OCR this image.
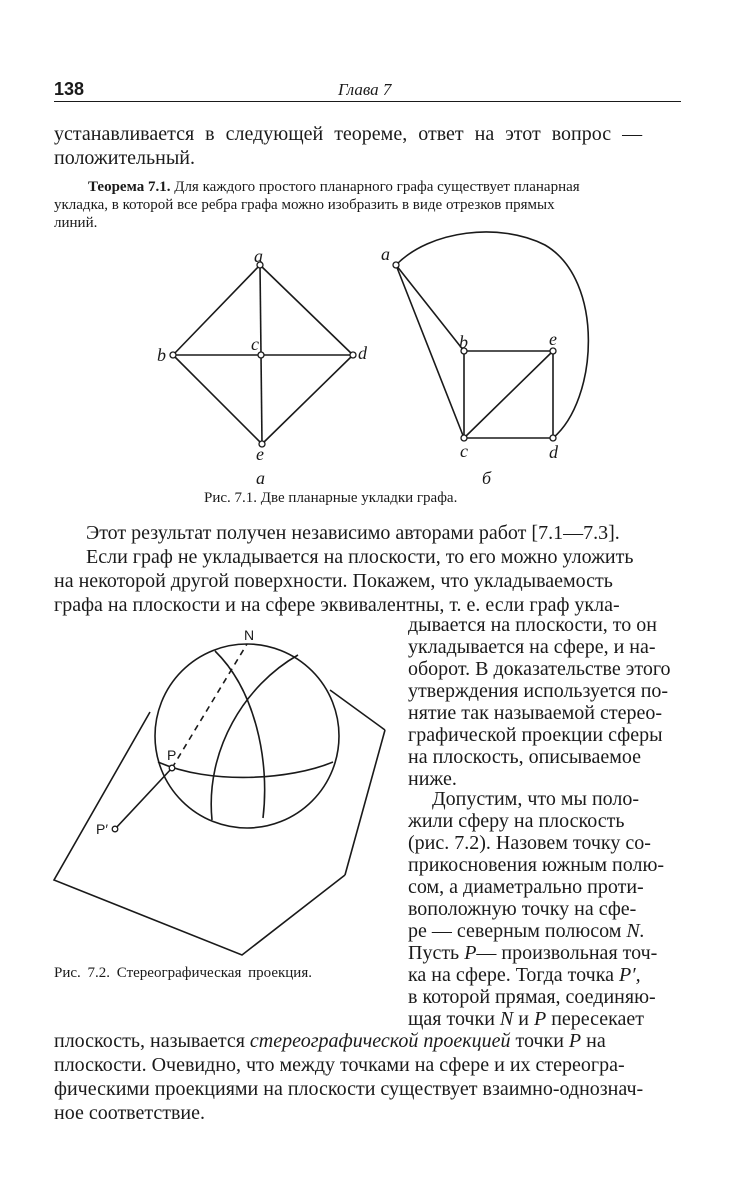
138	Глава 7
устанавливается в следующей теореме, ответ на этот вопрос —
положительный.
Теорема 7.1. Для каждого простого планарного графа существует планарная
укладка, в которой все ребра графа можно изобразить в виде отрезков прямых
линий.
a
b
c	d
e
a
b
c	d
e
a	б
Рис. 7.1. Две планарные укладки графа.
Этот результат получен независимо авторами работ [7.1—7.3].
Если граф не укладывается на плоскости, то его можно уложить
на некоторой другой поверхности. Покажем, что укладываемость
графа на плоскости и на сфере эквивалентны, т. е. если граф укла-
дывается на плоскости, то он
укладывается на сфере, и на-
оборот. В доказательстве этого
утверждения используется по-
нятие так называемой стерео-
графической проекции сферы
на плоскость, описываемое
ниже.
Допустим, что мы поло-
жили сферу на плоскость
(рис. 7.2). Назовем точку со-
прикосновения южным полю-
сом, а диаметрально проти-
воположную точку на сфе-
ре — северным полюсом N.
Пусть P— произвольная точ-
ка на сфере. Тогда точка P′,
в которой прямая, соединяю-
щая точки N и P пересекает
плоскость, называется стереографической проекцией точки P на
плоскости. Очевидно, что между точками на сфере и их стереогра-
фическими проекциями на плоскости существует взаимно-однознач-
ное соответствие.
N
P
P′
Рис. 7.2. Стереографическая проекция.
